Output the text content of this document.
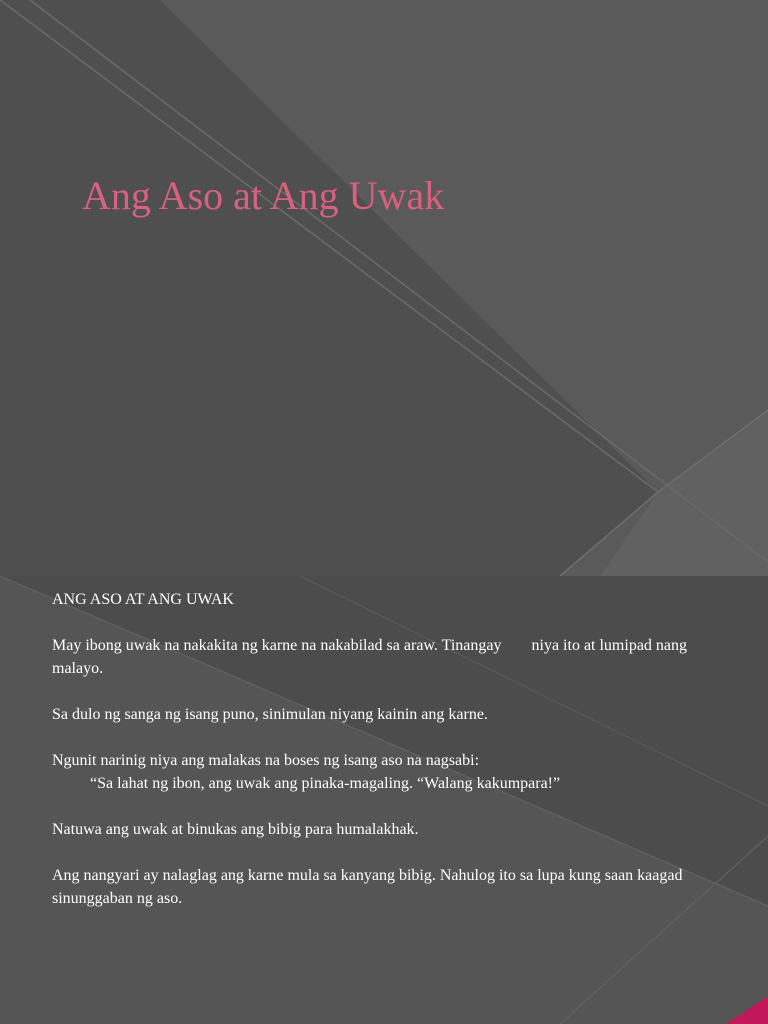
Ang Aso at Ang Uwak

ANG ASO AT ANG UWAK

May ibong uwak na nakakita ng karne na nakabilad sa araw. Tinangay niya ito at lumipad nang malayo.

Sa dulo ng sanga ng isang puno, sinimulan niyang kainin ang karne.

Ngunit narinig niya ang malakas na boses ng isang aso na nagsabi:
“Sa lahat ng ibon, ang uwak ang pinaka-magaling. “Walang kakumpara!”

Natuwa ang uwak at binukas ang bibig para humalakhak.

Ang nangyari ay nalaglag ang karne mula sa kanyang bibig. Nahulog ito sa lupa kung saan kaagad sinunggaban ng aso.
